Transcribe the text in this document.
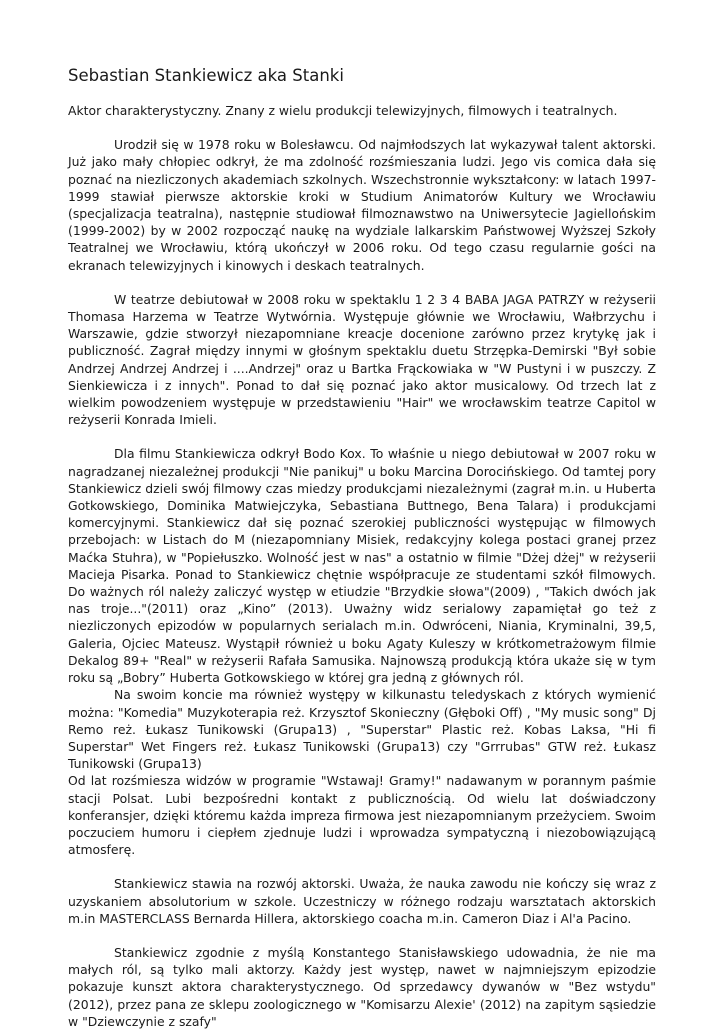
Sebastian Stankiewicz aka Stanki

Aktor charakterystyczny. Znany z wielu produkcji telewizyjnych, filmowych i teatralnych.

Urodził się w 1978 roku w Bolesławcu. Od najmłodszych lat wykazywał talent aktorski. Już jako mały chłopiec odkrył, że ma zdolność rozśmieszania ludzi. Jego vis comica dała się poznać na niezliczonych akademiach szkolnych. Wszechstronnie wykształcony: w latach 1997-1999 stawiał pierwsze aktorskie kroki w Studium Animatorów Kultury we Wrocławiu (specjalizacja teatralna), następnie studiował filmoznawstwo na Uniwersytecie Jagiellońskim (1999-2002) by w 2002 rozpocząć naukę na wydziale lalkarskim Państwowej Wyższej Szkoły Teatralnej we Wrocławiu, którą ukończył w 2006 roku. Od tego czasu regularnie gości na ekranach telewizyjnych i kinowych i deskach teatralnych.

W teatrze debiutował w 2008 roku w spektaklu 1 2 3 4 BABA JAGA PATRZY w reżyserii Thomasa Harzema w Teatrze Wytwórnia. Występuje głównie we Wrocławiu, Wałbrzychu i Warszawie, gdzie stworzył niezapomniane kreacje docenione zarówno przez krytykę jak i publiczność. Zagrał między innymi w głośnym spektaklu duetu Strzępka-Demirski "Był sobie Andrzej Andrzej Andrzej i ....Andrzej" oraz u Bartka Frąckowiaka w "W Pustyni i w puszczy. Z Sienkiewicza i z innych". Ponad to dał się poznać jako aktor musicalowy. Od trzech lat z wielkim powodzeniem występuje w przedstawieniu "Hair" we wrocławskim teatrze Capitol w reżyserii Konrada Imieli.

Dla filmu Stankiewicza odkrył Bodo Kox. To właśnie u niego debiutował w 2007 roku w nagradzanej niezależnej produkcji "Nie panikuj" u boku Marcina Dorocińskiego. Od tamtej pory Stankiewicz dzieli swój filmowy czas miedzy produkcjami niezależnymi (zagrał m.in. u Huberta Gotkowskiego, Dominika Matwiejczyka, Sebastiana Buttnego, Bena Talara) i produkcjami komercyjnymi. Stankiewicz dał się poznać szerokiej publiczności występując w filmowych przebojach: w Listach do M (niezapomniany Misiek, redakcyjny kolega postaci granej przez Maćka Stuhra), w "Popiełuszko. Wolność jest w nas" a ostatnio w filmie "Dżej dżej" w reżyserii Macieja Pisarka. Ponad to Stankiewicz chętnie współpracuje ze studentami szkół filmowych. Do ważnych ról należy zaliczyć występ w etiudzie "Brzydkie słowa"(2009) , "Takich dwóch jak nas troje..."(2011) oraz „Kino” (2013). Uważny widz serialowy zapamiętał go też z niezliczonych epizodów w popularnych serialach m.in. Odwróceni, Niania, Kryminalni, 39,5, Galeria, Ojciec Mateusz. Wystąpił również u boku Agaty Kuleszy w krótkometrażowym filmie Dekalog 89+ "Real" w reżyserii Rafała Samusika. Najnowszą produkcją która ukaże się w tym roku są „Bobry” Huberta Gotkowskiego w której gra jedną z głównych ról.

Na swoim koncie ma również występy w kilkunastu teledyskach z których wymienić można: "Komedia" Muzykoterapia reż. Krzysztof Skonieczny (Głęboki Off) , "My music song" Dj Remo reż. Łukasz Tunikowski (Grupa13) , "Superstar" Plastic reż. Kobas Laksa, "Hi fi Superstar" Wet Fingers reż. Łukasz Tunikowski (Grupa13) czy "Grrrubas" GTW reż. Łukasz Tunikowski (Grupa13)

Od lat rozśmiesza widzów w programie "Wstawaj! Gramy!" nadawanym w porannym paśmie stacji Polsat. Lubi bezpośredni kontakt z publicznością. Od wielu lat doświadczony konferansjer, dzięki któremu każda impreza firmowa jest niezapomnianym przeżyciem. Swoim poczuciem humoru i ciepłem zjednuje ludzi i wprowadza sympatyczną i niezobowiązującą atmosferę.

Stankiewicz stawia na rozwój aktorski. Uważa, że nauka zawodu nie kończy się wraz z uzyskaniem absolutorium w szkole. Uczestniczy w różnego rodzaju warsztatach aktorskich m.in MASTERCLASS Bernarda Hillera, aktorskiego coacha m.in. Cameron Diaz i Al'a Pacino.

Stankiewicz zgodnie z myślą Konstantego Stanisławskiego udowadnia, że nie ma małych ról, są tylko mali aktorzy. Każdy jest występ, nawet w najmniejszym epizodzie pokazuje kunszt aktora charakterystycznego. Od sprzedawcy dywanów w "Bez wstydu" (2012), przez pana ze sklepu zoologicznego w "Komisarzu Alexie' (2012) na zapitym sąsiedzie w "Dziewczynie z szafy"
